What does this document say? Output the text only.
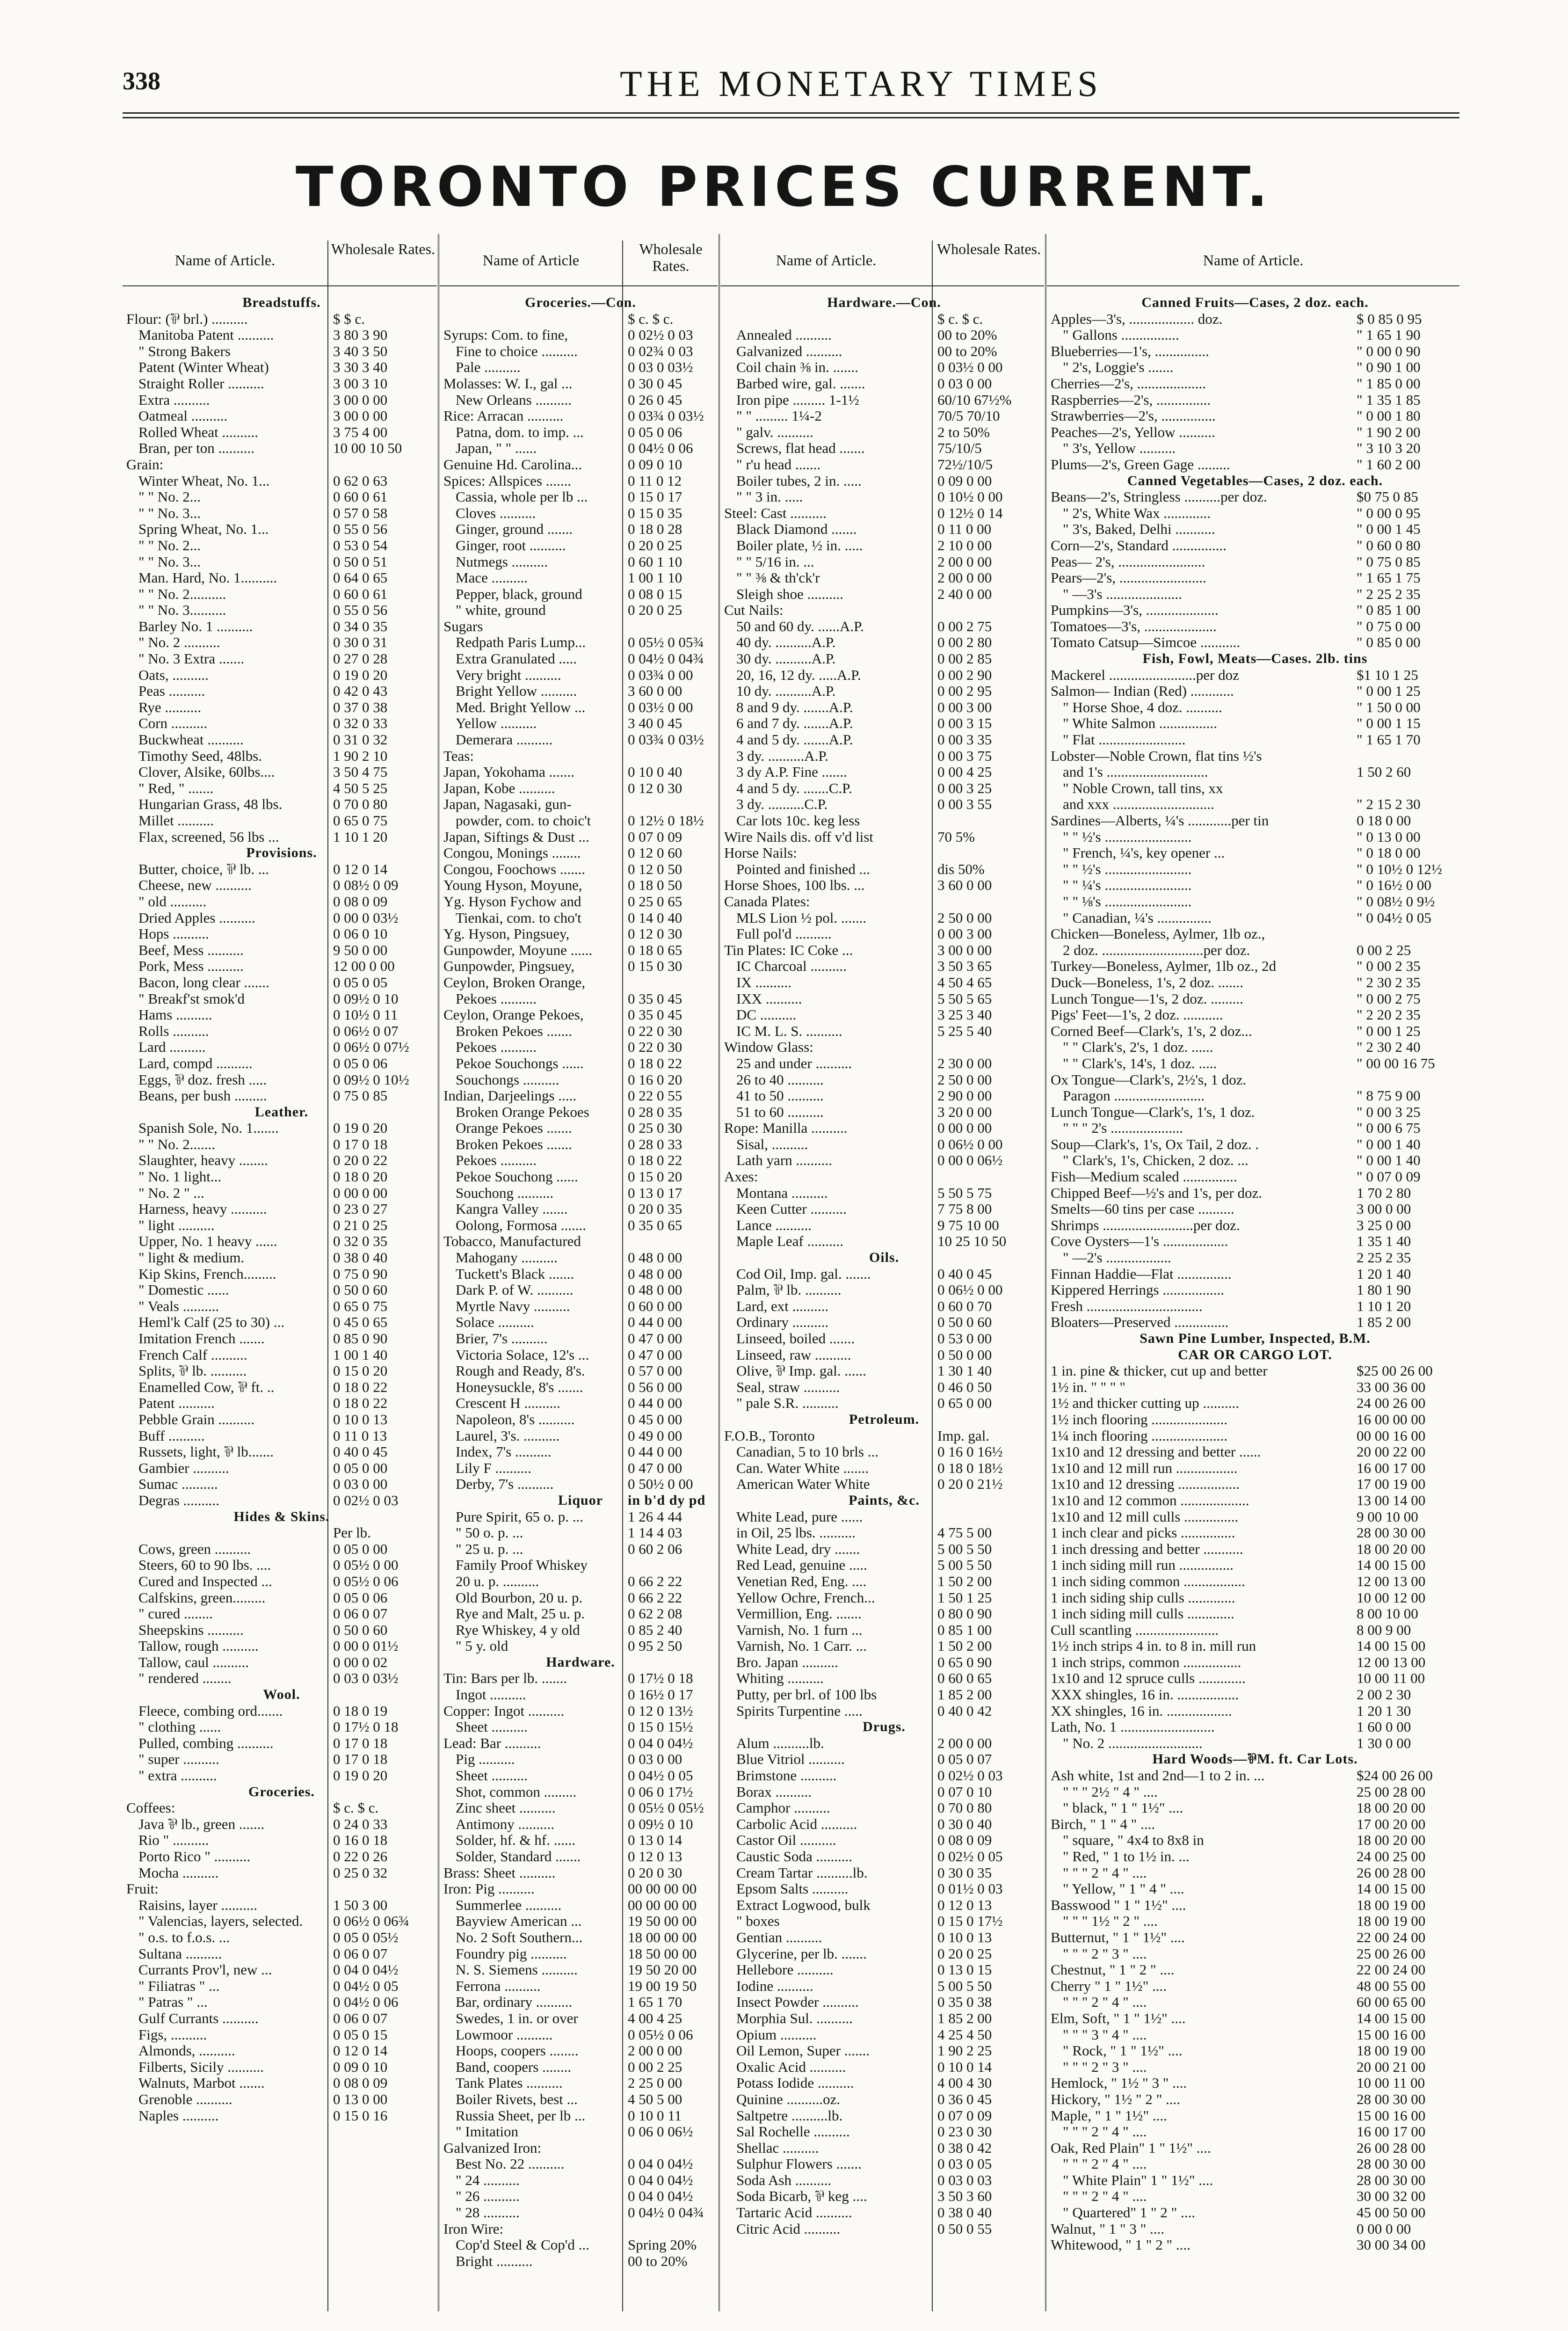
338	THE MONETARY TIMES
TORONTO PRICES CURRENT.
Name of Article.
Wholesale Rates.
Breadstuffs.
Flour: (⅌ brl.) ..........	$ $ c.
Manitoba Patent ..........	3 80 3 90
" Strong Bakers	3 40 3 50
Patent (Winter Wheat)	3 30 3 40
Straight Roller ..........	3 00 3 10
Extra ..........	3 00 0 00
Oatmeal ..........	3 00 0 00
Rolled Wheat ..........	3 75 4 00
Bran, per ton ..........	10 00 10 50
Grain:
Winter Wheat, No. 1...	0 62 0 63
" " No. 2...	0 60 0 61
" " No. 3...	0 57 0 58
Spring Wheat, No. 1...	0 55 0 56
" " No. 2...	0 53 0 54
" " No. 3...	0 50 0 51
Man. Hard, No. 1..........	0 64 0 65
" " No. 2..........	0 60 0 61
" " No. 3..........	0 55 0 56
Barley No. 1 ..........	0 34 0 35
" No. 2 ..........	0 30 0 31
" No. 3 Extra .......	0 27 0 28
Oats, ..........	0 19 0 20
Peas ..........	0 42 0 43
Rye ..........	0 37 0 38
Corn ..........	0 32 0 33
Buckwheat ..........	0 31 0 32
Timothy Seed, 48lbs.	1 90 2 10
Clover, Alsike, 60lbs....	3 50 4 75
" Red, " .......	4 50 5 25
Hungarian Grass, 48 lbs.	0 70 0 80
Millet ..........	0 65 0 75
Flax, screened, 56 lbs ...	1 10 1 20
Provisions.
Butter, choice, ⅌ lb. ...	0 12 0 14
Cheese, new ..........	0 08½ 0 09
" old ..........	0 08 0 09
Dried Apples ..........	0 00 0 03½
Hops ..........	0 06 0 10
Beef, Mess ..........	9 50 0 00
Pork, Mess ..........	12 00 0 00
Bacon, long clear .......	0 05 0 05
" Breakf'st smok'd	0 09½ 0 10
Hams ..........	0 10½ 0 11
Rolls ..........	0 06½ 0 07
Lard ..........	0 06½ 0 07½
Lard, compd ..........	0 05 0 06
Eggs, ⅌ doz. fresh .....	0 09½ 0 10½
Beans, per bush .........	0 75 0 85
Leather.
Spanish Sole, No. 1.......	0 19 0 20
" " No. 2.......	0 17 0 18
Slaughter, heavy ........	0 20 0 22
" No. 1 light...	0 18 0 20
" No. 2 " ...	0 00 0 00
Harness, heavy ..........	0 23 0 27
" light ..........	0 21 0 25
Upper, No. 1 heavy ......	0 32 0 35
" light & medium.	0 38 0 40
Kip Skins, French.........	0 75 0 90
" Domestic ......	0 50 0 60
" Veals ..........	0 65 0 75
Heml'k Calf (25 to 30) ...	0 45 0 65
Imitation French .......	0 85 0 90
French Calf ..........	1 00 1 40
Splits, ⅌ lb. ..........	0 15 0 20
Enamelled Cow, ⅌ ft. ..	0 18 0 22
Patent ..........	0 18 0 22
Pebble Grain ..........	0 10 0 13
Buff ..........	0 11 0 13
Russets, light, ⅌ lb.......	0 40 0 45
Gambier ..........	0 05 0 00
Sumac ..........	0 03 0 00
Degras ..........	0 02½ 0 03
Hides & Skins.
Per lb.
Cows, green ..........	0 05 0 00
Steers, 60 to 90 lbs. ....	0 05½ 0 00
Cured and Inspected ...	0 05½ 0 06
Calfskins, green.........	0 05 0 06
" cured ........	0 06 0 07
Sheepskins ..........	0 50 0 60
Tallow, rough ..........	0 00 0 01½
Tallow, caul ..........	0 00 0 02
" rendered ........	0 03 0 03½
Wool.
Fleece, combing ord.......	0 18 0 19
" clothing ......	0 17½ 0 18
Pulled, combing ..........	0 17 0 18
" super ..........	0 17 0 18
" extra ..........	0 19 0 20
Groceries.
Coffees:	$ c. $ c.
Java ⅌ lb., green .......	0 24 0 33
Rio " ..........	0 16 0 18
Porto Rico " ..........	0 22 0 26
Mocha ..........	0 25 0 32
Fruit:
Raisins, layer ..........	1 50 3 00
" Valencias, layers, selected.	0 06½ 0 06¾
" o.s. to f.o.s. ...	0 05 0 05½
Sultana ..........	0 06 0 07
Currants Prov'l, new ...	0 04 0 04½
" Filiatras " ...	0 04½ 0 05
" Patras " ...	0 04½ 0 06
Gulf Currants ..........	0 06 0 07
Figs, ..........	0 05 0 15
Almonds, ..........	0 12 0 14
Filberts, Sicily ..........	0 09 0 10
Walnuts, Marbot .......	0 08 0 09
Grenoble ..........	0 13 0 00
Naples ..........	0 15 0 16
Name of Article
Wholesale Rates.
Groceries.—Con.
$ c. $ c.
Syrups: Com. to fine,	0 02½ 0 03
Fine to choice ..........	0 02¾ 0 03
Pale ..........	0 03 0 03½
Molasses: W. I., gal ...	0 30 0 45
New Orleans ..........	0 26 0 45
Rice: Arracan ..........	0 03¾ 0 03½
Patna, dom. to imp. ...	0 05 0 06
Japan, " " ......	0 04½ 0 06
Genuine Hd. Carolina...	0 09 0 10
Spices: Allspices .......	0 11 0 12
Cassia, whole per lb ...	0 15 0 17
Cloves ..........	0 15 0 35
Ginger, ground .......	0 18 0 28
Ginger, root ..........	0 20 0 25
Nutmegs ..........	0 60 1 10
Mace ..........	1 00 1 10
Pepper, black, ground	0 08 0 15
" white, ground	0 20 0 25
Sugars
Redpath Paris Lump...	0 05½ 0 05¾
Extra Granulated .....	0 04½ 0 04¾
Very bright ..........	0 03¾ 0 00
Bright Yellow ..........	3 60 0 00
Med. Bright Yellow ...	0 03½ 0 00
Yellow ..........	3 40 0 45
Demerara ..........	0 03¾ 0 03½
Teas:
Japan, Yokohama .......	0 10 0 40
Japan, Kobe ..........	0 12 0 30
Japan, Nagasaki, gun-
powder, com. to choic't	0 12½ 0 18½
Japan, Siftings & Dust ...	0 07 0 09
Congou, Monings ........	0 12 0 60
Congou, Foochows .......	0 12 0 50
Young Hyson, Moyune,	0 18 0 50
Yg. Hyson Fychow and	0 25 0 65
Tienkai, com. to cho't	0 14 0 40
Yg. Hyson, Pingsuey,	0 12 0 30
Gunpowder, Moyune ......	0 18 0 65
Gunpowder, Pingsuey,	0 15 0 30
Ceylon, Broken Orange,
Pekoes ..........	0 35 0 45
Ceylon, Orange Pekoes,	0 35 0 45
Broken Pekoes .......	0 22 0 30
Pekoes ..........	0 22 0 30
Pekoe Souchongs ......	0 18 0 22
Souchongs ..........	0 16 0 20
Indian, Darjeelings .....	0 22 0 55
Broken Orange Pekoes	0 28 0 35
Orange Pekoes .......	0 25 0 30
Broken Pekoes .......	0 28 0 33
Pekoes ..........	0 18 0 22
Pekoe Souchong ......	0 15 0 20
Souchong ..........	0 13 0 17
Kangra Valley .......	0 20 0 35
Oolong, Formosa .......	0 35 0 65
Tobacco, Manufactured
Mahogany ..........	0 48 0 00
Tuckett's Black .......	0 48 0 00
Dark P. of W. ..........	0 48 0 00
Myrtle Navy ..........	0 60 0 00
Solace ..........	0 44 0 00
Brier, 7's ..........	0 47 0 00
Victoria Solace, 12's ...	0 47 0 00
Rough and Ready, 8's.	0 57 0 00
Honeysuckle, 8's .......	0 56 0 00
Crescent H ..........	0 44 0 00
Napoleon, 8's ..........	0 45 0 00
Laurel, 3's. ..........	0 49 0 00
Index, 7's ..........	0 44 0 00
Lily F ..........	0 47 0 00
Derby, 7's ..........	0 50½ 0 00
Liquor in b'd dy pd
Pure Spirit, 65 o. p. ...	1 26 4 44
" 50 o. p. ...	1 14 4 03
" 25 u. p. ...	0 60 2 06
Family Proof Whiskey
20 u. p. ..........	0 66 2 22
Old Bourbon, 20 u. p.	0 66 2 22
Rye and Malt, 25 u. p.	0 62 2 08
Rye Whiskey, 4 y old	0 85 2 40
" 5 y. old	0 95 2 50
Hardware.
Tin: Bars per lb. .......	0 17½ 0 18
Ingot ..........	0 16½ 0 17
Copper: Ingot ..........	0 12 0 13½
Sheet ..........	0 15 0 15½
Lead: Bar ..........	0 04 0 04½
Pig ..........	0 03 0 00
Sheet ..........	0 04½ 0 05
Shot, common .........	0 06 0 17½
Zinc sheet ..........	0 05½ 0 05½
Antimony ..........	0 09½ 0 10
Solder, hf. & hf. ......	0 13 0 14
Solder, Standard .......	0 12 0 13
Brass: Sheet ..........	0 20 0 30
Iron: Pig ..........	00 00 00 00
Summerlee ..........	00 00 00 00
Bayview American ...	19 50 00 00
No. 2 Soft Southern...	18 00 00 00
Foundry pig ..........	18 50 00 00
N. S. Siemens ..........	19 50 20 00
Ferrona ..........	19 00 19 50
Bar, ordinary ..........	1 65 1 70
Swedes, 1 in. or over	4 00 4 25
Lowmoor ..........	0 05½ 0 06
Hoops, coopers ........	2 00 0 00
Band, coopers ........	0 00 2 25
Tank Plates ..........	2 25 0 00
Boiler Rivets, best ...	4 50 5 00
Russia Sheet, per lb ...	0 10 0 11
" Imitation	0 06 0 06½
Galvanized Iron:
Best No. 22 ..........	0 04 0 04½
" 24 ..........	0 04 0 04½
" 26 ..........	0 04 0 04½
" 28 ..........	0 04½ 0 04¾
Iron Wire:
Cop'd Steel & Cop'd ...	Spring 20%
Bright ..........	00 to 20%
Name of Article.
Wholesale Rates.
Hardware.—Con.
$ c. $ c.
Annealed ..........	00 to 20%
Galvanized ..........	00 to 20%
Coil chain ⅜ in. .......	0 03½ 0 00
Barbed wire, gal. .......	0 03 0 00
Iron pipe ......... 1-1½	60/10 67½%
" " ......... 1¼-2	70/5 70/10
" galv. ..........	2 to 50%
Screws, flat head .......	75/10/5
" r'u head .......	72½/10/5
Boiler tubes, 2 in. .....	0 09 0 00
" " 3 in. .....	0 10½ 0 00
Steel: Cast ..........	0 12½ 0 14
Black Diamond .......	0 11 0 00
Boiler plate, ½ in. .....	2 10 0 00
" " 5/16 in. ...	2 00 0 00
" " ⅜ & th'ck'r	2 00 0 00
Sleigh shoe ..........	2 40 0 00
Cut Nails:
50 and 60 dy. ......A.P.	0 00 2 75
40 dy. ..........A.P.	0 00 2 80
30 dy. ..........A.P.	0 00 2 85
20, 16, 12 dy. .....A.P.	0 00 2 90
10 dy. ..........A.P.	0 00 2 95
8 and 9 dy. .......A.P.	0 00 3 00
6 and 7 dy. .......A.P.	0 00 3 15
4 and 5 dy. .......A.P.	0 00 3 35
3 dy. ..........A.P.	0 00 3 75
3 dy A.P. Fine .......	0 00 4 25
4 and 5 dy. .......C.P.	0 00 3 25
3 dy. ..........C.P.	0 00 3 55
Car lots 10c. keg less
Wire Nails dis. off v'd list	70 5%
Horse Nails:
Pointed and finished ...	dis 50%
Horse Shoes, 100 lbs. ...	3 60 0 00
Canada Plates:
MLS Lion ½ pol. .......	2 50 0 00
Full pol'd ..........	0 00 3 00
Tin Plates: IC Coke ...	3 00 0 00
IC Charcoal ..........	3 50 3 65
IX ..........	4 50 4 65
IXX ..........	5 50 5 65
DC ..........	3 25 3 40
IC M. L. S. ..........	5 25 5 40
Window Glass:
25 and under ..........	2 30 0 00
26 to 40 ..........	2 50 0 00
41 to 50 ..........	2 90 0 00
51 to 60 ..........	3 20 0 00
Rope: Manilla ..........	0 00 0 00
Sisal, ..........	0 06½ 0 00
Lath yarn ..........	0 00 0 06½
Axes:
Montana ..........	5 50 5 75
Keen Cutter ..........	7 75 8 00
Lance ..........	9 75 10 00
Maple Leaf ..........	10 25 10 50
Oils.
Cod Oil, Imp. gal. .......	0 40 0 45
Palm, ⅌ lb. ..........	0 06½ 0 00
Lard, ext ..........	0 60 0 70
Ordinary ..........	0 50 0 60
Linseed, boiled .......	0 53 0 00
Linseed, raw ..........	0 50 0 00
Olive, ⅌ Imp. gal. ......	1 30 1 40
Seal, straw ..........	0 46 0 50
" pale S.R. ..........	0 65 0 00
Petroleum.
F.O.B., Toronto	Imp. gal.
Canadian, 5 to 10 brls ...	0 16 0 16½
Can. Water White .......	0 18 0 18½
American Water White	0 20 0 21½
Paints, &c.
White Lead, pure ......
in Oil, 25 lbs. ..........	4 75 5 00
White Lead, dry .......	5 00 5 50
Red Lead, genuine .....	5 00 5 50
Venetian Red, Eng. ....	1 50 2 00
Yellow Ochre, French...	1 50 1 25
Vermillion, Eng. .......	0 80 0 90
Varnish, No. 1 furn ...	0 85 1 00
Varnish, No. 1 Carr. ...	1 50 2 00
Bro. Japan ..........	0 65 0 90
Whiting ..........	0 60 0 65
Putty, per brl. of 100 lbs	1 85 2 00
Spirits Turpentine .....	0 40 0 42
Drugs.
Alum ..........lb.	2 00 0 00
Blue Vitriol ..........	0 05 0 07
Brimstone ..........	0 02½ 0 03
Borax ..........	0 07 0 10
Camphor ..........	0 70 0 80
Carbolic Acid ..........	0 30 0 40
Castor Oil ..........	0 08 0 09
Caustic Soda ..........	0 02½ 0 05
Cream Tartar ..........lb.	0 30 0 35
Epsom Salts ..........	0 01½ 0 03
Extract Logwood, bulk	0 12 0 13
" boxes	0 15 0 17½
Gentian ..........	0 10 0 13
Glycerine, per lb. .......	0 20 0 25
Hellebore ..........	0 13 0 15
Iodine ..........	5 00 5 50
Insect Powder ..........	0 35 0 38
Morphia Sul. ..........	1 85 2 00
Opium ..........	4 25 4 50
Oil Lemon, Super .......	1 90 2 25
Oxalic Acid ..........	0 10 0 14
Potass Iodide ..........	4 00 4 30
Quinine ..........oz.	0 36 0 45
Saltpetre ..........lb.	0 07 0 09
Sal Rochelle ..........	0 23 0 30
Shellac ..........	0 38 0 42
Sulphur Flowers .......	0 03 0 05
Soda Ash ..........	0 03 0 03
Soda Bicarb, ⅌ keg ....	3 50 3 60
Tartaric Acid ..........	0 38 0 40
Citric Acid ..........	0 50 0 55
Name of Article.
Canned Fruits—Cases, 2 doz. each.
Apples—3's, .................. doz.	$ 0 85 0 95
" Gallons ................	" 1 65 1 90
Blueberries—1's, ...............	" 0 00 0 90
" 2's, Loggie's .......	" 0 90 1 00
Cherries—2's, ...................	" 1 85 0 00
Raspberries—2's, ...............	" 1 35 1 85
Strawberries—2's, ...............	" 0 00 1 80
Peaches—2's, Yellow ..........	" 1 90 2 00
" 3's, Yellow ..........	" 3 10 3 20
Plums—2's, Green Gage .........	" 1 60 2 00
Canned Vegetables—Cases, 2 doz. each.
Beans—2's, Stringless ..........per doz.	$0 75 0 85
" 2's, White Wax .............	" 0 00 0 95
" 3's, Baked, Delhi ...........	" 0 00 1 45
Corn—2's, Standard ...............	" 0 60 0 80
Peas— 2's, ........................	" 0 75 0 85
Pears—2's, ........................	" 1 65 1 75
" —3's .....................	" 2 25 2 35
Pumpkins—3's, ....................	" 0 85 1 00
Tomatoes—3's, ....................	" 0 75 0 00
Tomato Catsup—Simcoe ...........	" 0 85 0 00
Fish, Fowl, Meats—Cases. 2lb. tins
Mackerel ........................per doz	$1 10 1 25
Salmon— Indian (Red) ............	" 0 00 1 25
" Horse Shoe, 4 doz. ..........	" 1 50 0 00
" White Salmon ................	" 0 00 1 15
" Flat ........................	" 1 65 1 70
Lobster—Noble Crown, flat tins ½'s
and 1's ............................	1 50 2 60
" Noble Crown, tall tins, xx
and xxx ............................	" 2 15 2 30
Sardines—Alberts, ¼'s ............per tin	0 18 0 00
" " ½'s ........................	" 0 13 0 00
" French, ¼'s, key opener ...	" 0 18 0 00
" " ½'s ........................	" 0 10½ 0 12½
" " ¼'s ........................	" 0 16½ 0 00
" " ⅛'s ........................	" 0 08½ 0 9½
" Canadian, ¼'s ...............	" 0 04½ 0 05
Chicken—Boneless, Aylmer, 1lb oz.,
2 doz. ............................per doz.	0 00 2 25
Turkey—Boneless, Aylmer, 1lb oz., 2d	" 0 00 2 35
Duck—Boneless, 1's, 2 doz. .......	" 2 30 2 35
Lunch Tongue—1's, 2 doz. .........	" 0 00 2 75
Pigs' Feet—1's, 2 doz. ...........	" 2 20 2 35
Corned Beef—Clark's, 1's, 2 doz...	" 0 00 1 25
" " Clark's, 2's, 1 doz. ......	" 2 30 2 40
" " Clark's, 14's, 1 doz. .....	" 00 00 16 75
Ox Tongue—Clark's, 2½'s, 1 doz.
Paragon .........................	" 8 75 9 00
Lunch Tongue—Clark's, 1's, 1 doz.	" 0 00 3 25
" " " 2's ....................	" 0 00 6 75
Soup—Clark's, 1's, Ox Tail, 2 doz. .	" 0 00 1 40
" Clark's, 1's, Chicken, 2 doz. ...	" 0 00 1 40
Fish—Medium scaled ...............	" 0 07 0 09
Chipped Beef—½'s and 1's, per doz.	1 70 2 80
Smelts—60 tins per case ..........	3 00 0 00
Shrimps .........................per doz.	3 25 0 00
Cove Oysters—1's ..................	1 35 1 40
" —2's ..................	2 25 2 35
Finnan Haddie—Flat ...............	1 20 1 40
Kippered Herrings .................	1 80 1 90
Fresh ................................	1 10 1 20
Bloaters—Preserved ...............	1 85 2 00
Sawn Pine Lumber, Inspected, B.M.
CAR OR CARGO LOT.
1 in. pine & thicker, cut up and better	$25 00 26 00
1½ in. " " " "	33 00 36 00
1½ and thicker cutting up ..........	24 00 26 00
1½ inch flooring .....................	16 00 00 00
1¼ inch flooring .....................	00 00 16 00
1x10 and 12 dressing and better ......	20 00 22 00
1x10 and 12 mill run .................	16 00 17 00
1x10 and 12 dressing .................	17 00 19 00
1x10 and 12 common ...................	13 00 14 00
1x10 and 12 mill culls ...............	9 00 10 00
1 inch clear and picks ...............	28 00 30 00
1 inch dressing and better ...........	18 00 20 00
1 inch siding mill run ...............	14 00 15 00
1 inch siding common .................	12 00 13 00
1 inch siding ship culls .............	10 00 12 00
1 inch siding mill culls .............	8 00 10 00
Cull scantling .......................	8 00 9 00
1½ inch strips 4 in. to 8 in. mill run	14 00 15 00
1 inch strips, common ................	12 00 13 00
1x10 and 12 spruce culls .............	10 00 11 00
XXX shingles, 16 in. .................	2 00 2 30
XX shingles, 16 in. ..................	1 20 1 30
Lath, No. 1 ..........................	1 60 0 00
" No. 2 ..........................	1 30 0 00
Hard Woods—⅌M. ft. Car Lots.
Ash white, 1st and 2nd—1 to 2 in. ...	$24 00 26 00
" " " 2½ " 4 " ....	25 00 28 00
" black, " 1 " 1½" ....	18 00 20 00
Birch, " 1 " 4 " ....	17 00 20 00
" square, " 4x4 to 8x8 in	18 00 20 00
" Red, " 1 to 1½ in. ...	24 00 25 00
" " " 2 " 4 " ....	26 00 28 00
" Yellow, " 1 " 4 " ....	14 00 15 00
Basswood " 1 " 1½" ....	18 00 19 00
" " " 1½ " 2 " ....	18 00 19 00
Butternut, " 1 " 1½" ....	22 00 24 00
" " " 2 " 3 " ....	25 00 26 00
Chestnut, " 1 " 2 " ....	22 00 24 00
Cherry " 1 " 1½" ....	48 00 55 00
" " " 2 " 4 " ....	60 00 65 00
Elm, Soft, " 1 " 1½" ....	14 00 15 00
" " " 3 " 4 " ....	15 00 16 00
" Rock, " 1 " 1½" ....	18 00 19 00
" " " 2 " 3 " ....	20 00 21 00
Hemlock, " 1½ " 3 " ....	10 00 11 00
Hickory, " 1½ " 2 " ....	28 00 30 00
Maple, " 1 " 1½" ....	15 00 16 00
" " " 2 " 4 " ....	16 00 17 00
Oak, Red Plain" 1 " 1½" ....	26 00 28 00
" " " 2 " 4 " ....	28 00 30 00
" White Plain" 1 " 1½" ....	28 00 30 00
" " " 2 " 4 " ....	30 00 32 00
" Quartered" 1 " 2 " ....	45 00 50 00
Walnut, " 1 " 3 " ....	0 00 0 00
Whitewood, " 1 " 2 " ....	30 00 34 00
